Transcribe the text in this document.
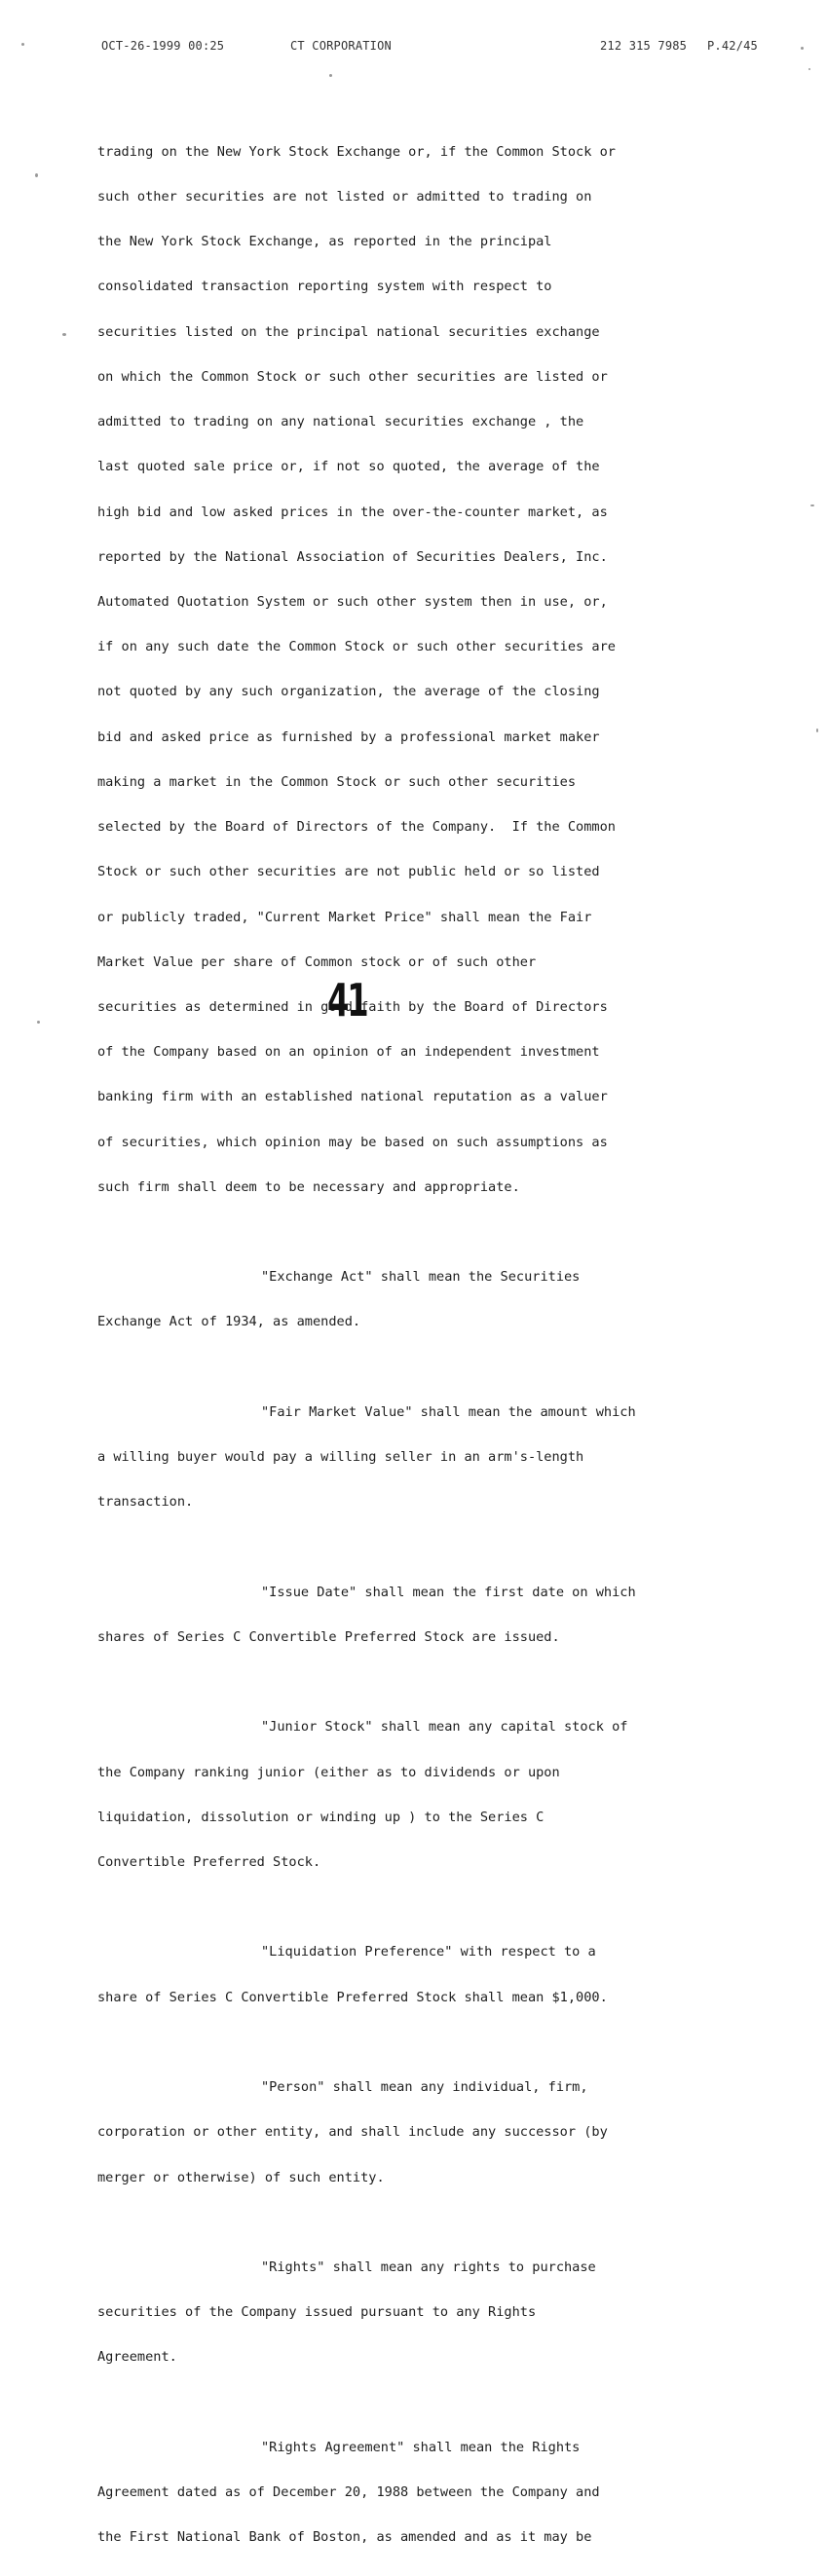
OCT-26-1999 00:25	CT CORPORATION	212 315 7985 P.42/45

trading on the New York Stock Exchange or, if the Common Stock or

such other securities are not listed or admitted to trading on

the New York Stock Exchange, as reported in the principal

consolidated transaction reporting system with respect to

securities listed on the principal national securities exchange

on which the Common Stock or such other securities are listed or

admitted to trading on any national securities exchange , the

last quoted sale price or, if not so quoted, the average of the

high bid and low asked prices in the over-the-counter market, as

reported by the National Association of Securities Dealers, Inc.

Automated Quotation System or such other system then in use, or,

if on any such date the Common Stock or such other securities are

not quoted by any such organization, the average of the closing

bid and asked price as furnished by a professional market maker

making a market in the Common Stock or such other securities

selected by the Board of Directors of the Company.  If the Common

Stock or such other securities are not public held or so listed

or publicly traded, "Current Market Price" shall mean the Fair

Market Value per share of Common stock or of such other

securities as determined in good faith by the Board of Directors

of the Company based on an opinion of an independent investment

banking firm with an established national reputation as a valuer

of securities, which opinion may be based on such assumptions as

such firm shall deem to be necessary and appropriate.

"Exchange Act" shall mean the Securities

Exchange Act of 1934, as amended.

"Fair Market Value" shall mean the amount which

a willing buyer would pay a willing seller in an arm's-length

transaction.

"Issue Date" shall mean the first date on which

shares of Series C Convertible Preferred Stock are issued.

"Junior Stock" shall mean any capital stock of

the Company ranking junior (either as to dividends or upon

liquidation, dissolution or winding up ) to the Series C

Convertible Preferred Stock.

"Liquidation Preference" with respect to a

share of Series C Convertible Preferred Stock shall mean $1,000.

"Person" shall mean any individual, firm,

corporation or other entity, and shall include any successor (by

merger or otherwise) of such entity.

"Rights" shall mean any rights to purchase

securities of the Company issued pursuant to any Rights

Agreement.

"Rights Agreement" shall mean the Rights

Agreement dated as of December 20, 1988 between the Company and

the First National Bank of Boston, as amended and as it may be

41
